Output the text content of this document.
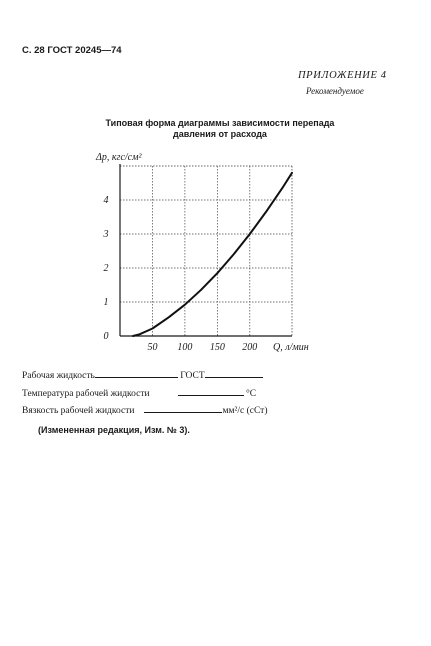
С. 28 ГОСТ 20245—74
ПРИЛОЖЕНИЕ 4
Рекомендуемое
Типовая форма диаграммы зависимости перепада
давления от расхода
0
1
2
3
4
50 100 150 200
Δр, кгс/см²
Q, л/мин
Рабочая жидкость	ГОСТ
Температура рабочей жидкости	°С
Вязкость рабочей жидкости	мм²/с (сСт)
(Измененная редакция, Изм. № 3).
